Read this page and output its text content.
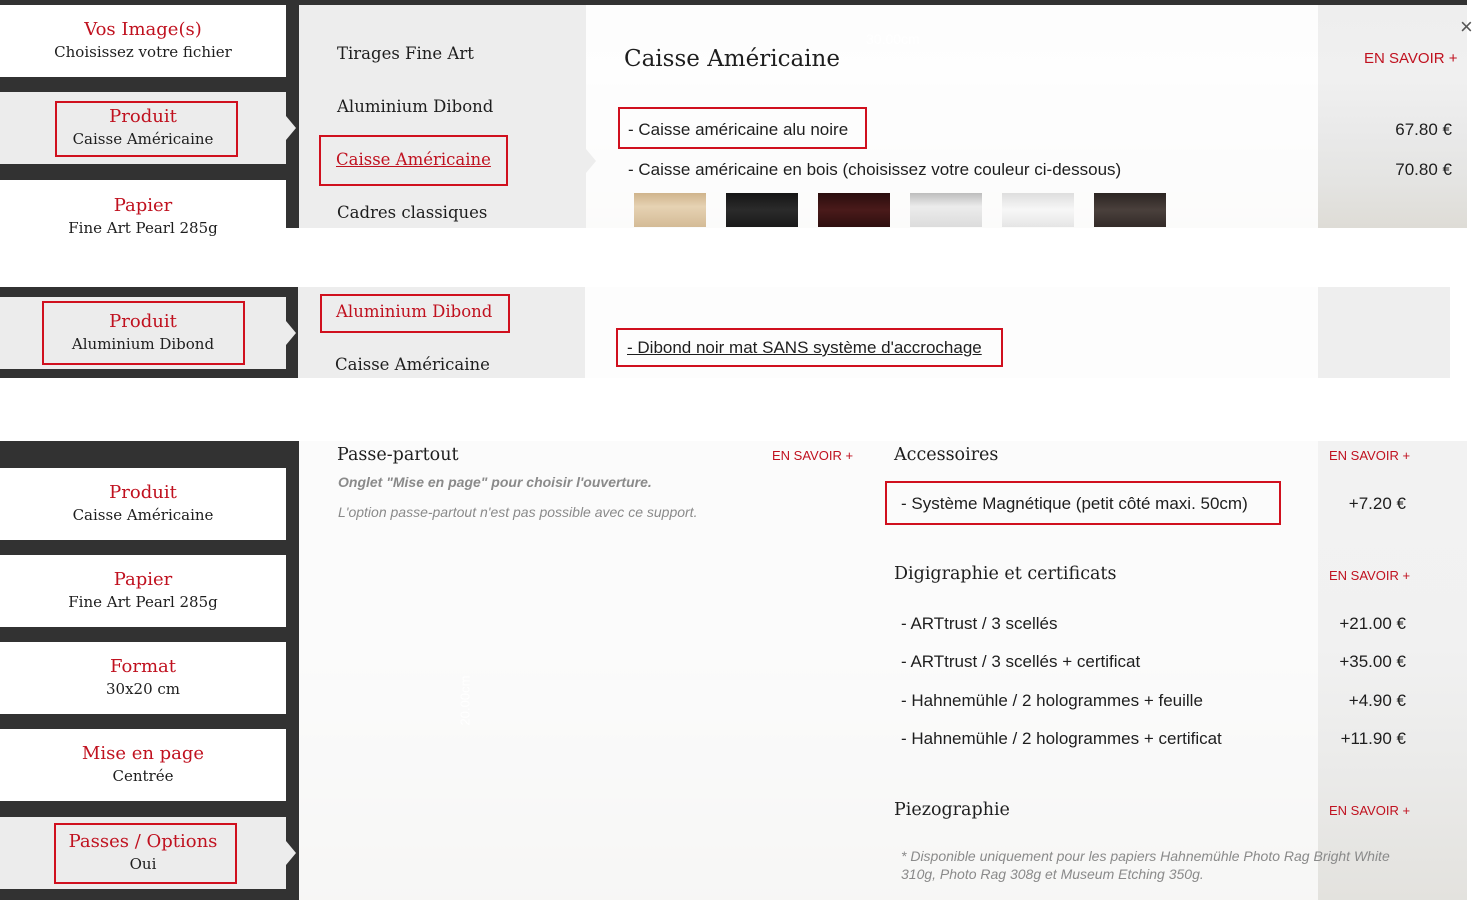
Vos Image(s)
Choisissez votre fichier
Produit
Caisse Américaine
Papier
Fine Art Pearl 285g
Tirages Fine Art
Aluminium Dibond
Caisse Américaine
Cadres classiques
30.00cm	×
Caisse Américaine	EN SAVOIR +
- Caisse américaine alu noire	67.80 €
- Caisse américaine en bois (choisissez votre couleur ci-dessous)	70.80 €
Produit
Aluminium Dibond
Aluminium Dibond
Caisse Américaine
- Dibond noir mat SANS système d'accrochage
Produit
Caisse Américaine
Papier
Fine Art Pearl 285g
Format
30x20 cm
Mise en page
Centrée
Passes / Options
Oui
20.00cm
Passe-partout	EN SAVOIR +
Onglet "Mise en page" pour choisir l'ouverture.
L'option passe-partout n'est pas possible avec ce support.
Accessoires	EN SAVOIR +
- Système Magnétique (petit côté maxi. 50cm)	+7.20 €
Digigraphie et certificats	EN SAVOIR +
- ARTtrust / 3 scellés	+21.00 €
- ARTtrust / 3 scellés + certificat	+35.00 €
- Hahnemühle / 2 hologrammes + feuille	+4.90 €
- Hahnemühle / 2 hologrammes + certificat	+11.90 €
Piezographie	EN SAVOIR +
* Disponible uniquement pour les papiers Hahnemühle Photo Rag Bright White 310g, Photo Rag 308g et Museum Etching 350g.
